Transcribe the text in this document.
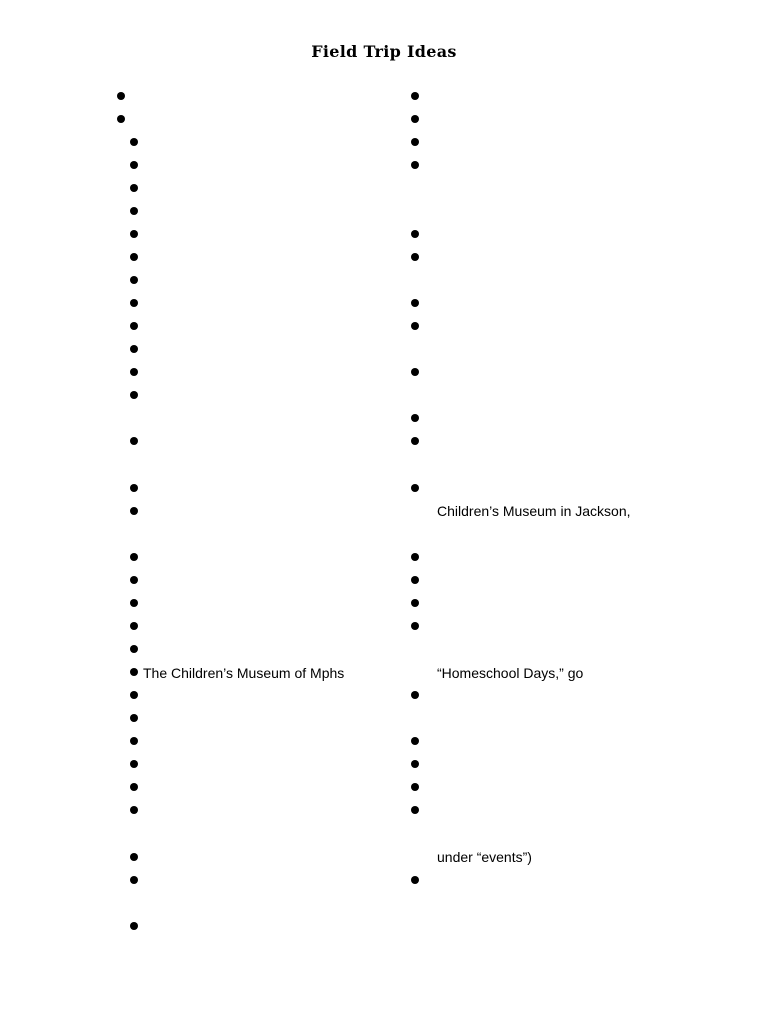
Field Trip Ideas
The Children’s Museum of Mphs
Children’s Museum in Jackson,
“Homeschool Days,” go
under “events”)
